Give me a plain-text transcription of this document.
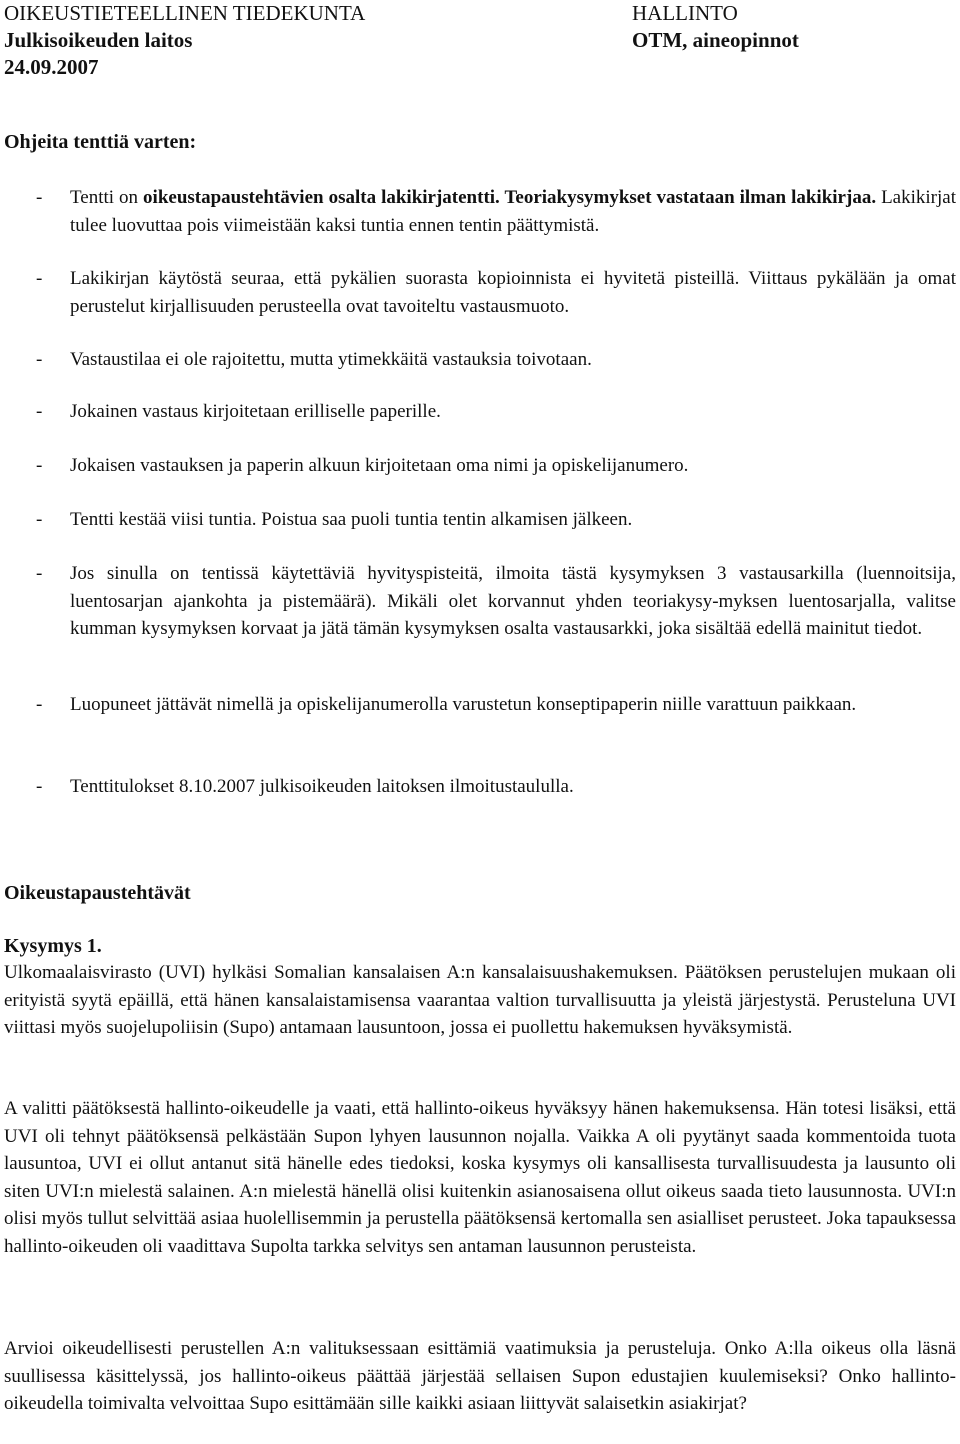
OIKEUSTIETEELLINEN TIEDEKUNTA
Julkisoikeuden laitos
24.09.2007
HALLINTO
OTM, aineopinnot
Ohjeita tenttiä varten:
- Tentti on oikeustapaustehtävien osalta lakikirjatentti. Teoriakysymykset vastataan ilman lakikirjaa. Lakikirjat tulee luovuttaa pois viimeistään kaksi tuntia ennen tentin päättymistä.
- Lakikirjan käytöstä seuraa, että pykälien suorasta kopioinnista ei hyvitetä pisteillä. Viittaus pykälään ja omat perustelut kirjallisuuden perusteella ovat tavoiteltu vastausmuoto.
- Vastaustilaa ei ole rajoitettu, mutta ytimekkäitä vastauksia toivotaan.
- Jokainen vastaus kirjoitetaan erilliselle paperille.
- Jokaisen vastauksen ja paperin alkuun kirjoitetaan oma nimi ja opiskelijanumero.
- Tentti kestää viisi tuntia. Poistua saa puoli tuntia tentin alkamisen jälkeen.
- Jos sinulla on tentissä käytettäviä hyvityspisteitä, ilmoita tästä kysymyksen 3 vastausarkilla (luennoitsija, luentosarjan ajankohta ja pistemäärä). Mikäli olet korvannut yhden teoriakysy-myksen luentosarjalla, valitse kumman kysymyksen korvaat ja jätä tämän kysymyksen osalta vastausarkki, joka sisältää edellä mainitut tiedot.
- Luopuneet jättävät nimellä ja opiskelijanumerolla varustetun konseptipaperin niille varattuun paikkaan.
- Tenttitulokset 8.10.2007 julkisoikeuden laitoksen ilmoitustaululla.
Oikeustapaustehtävät
Kysymys 1.
Ulkomaalaisvirasto (UVI) hylkäsi Somalian kansalaisen A:n kansalaisuushakemuksen. Päätöksen perustelujen mukaan oli erityistä syytä epäillä, että hänen kansalaistamisensa vaarantaa valtion turvallisuutta ja yleistä järjestystä. Perusteluna UVI viittasi myös suojelupoliisin (Supo) antamaan lausuntoon, jossa ei puollettu hakemuksen hyväksymistä.
A valitti päätöksestä hallinto-oikeudelle ja vaati, että hallinto-oikeus hyväksyy hänen hakemuksensa. Hän totesi lisäksi, että UVI oli tehnyt päätöksensä pelkästään Supon lyhyen lausunnon nojalla. Vaikka A oli pyytänyt saada kommentoida tuota lausuntoa, UVI ei ollut antanut sitä hänelle edes tiedoksi, koska kysymys oli kansallisesta turvallisuudesta ja lausunto oli siten UVI:n mielestä salainen. A:n mielestä hänellä olisi kuitenkin asianosaisena ollut oikeus saada tieto lausunnosta. UVI:n olisi myös tullut selvittää asiaa huolellisemmin ja perustella päätöksensä kertomalla sen asialliset perusteet. Joka tapauksessa hallinto-oikeuden oli vaadittava Supolta tarkka selvitys sen antaman lausunnon perusteista.
Arvioi oikeudellisesti perustellen A:n valituksessaan esittämiä vaatimuksia ja perusteluja. Onko A:lla oikeus olla läsnä suullisessa käsittelyssä, jos hallinto-oikeus päättää järjestää sellaisen Supon edustajien kuulemiseksi? Onko hallinto-oikeudella toimivalta velvoittaa Supo esittämään sille kaikki asiaan liittyvät salaisetkin asiakirjat?
